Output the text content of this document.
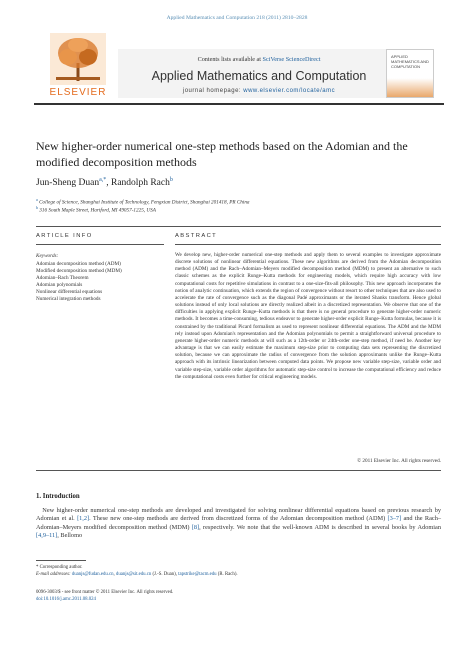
Applied Mathematics and Computation 218 (2011) 2810–2828
ELSEVIER
Contents lists available at SciVerse ScienceDirect
Applied Mathematics and Computation
journal homepage: www.elsevier.com/locate/amc
APPLIED MATHEMATICS AND COMPUTATION
New higher-order numerical one-step methods based on the Adomian and the modified decomposition methods
Jun-Sheng Duan$^{a,*}$, Randolph Rach$^b$
$^a$ College of Science, Shanghai Institute of Technology, Fengxian District, Shanghai 201418, PR China
$^b$ 316 South Maple Street, Hartford, MI 49057-1225, USA
ARTICLE INFO
Keywords:
Adomian decomposition method (ADM)
Modified decomposition method (MDM)
Adomian–Rach Theorem
Adomian polynomials
Nonlinear differential equations
Numerical integration methods
ABSTRACT
We develop new, higher-order numerical one-step methods and apply them to several examples to investigate approximate discrete solutions of nonlinear differential equations. These new algorithms are derived from the Adomian decomposition method (ADM) and the Rach–Adomian–Meyers modified decomposition method (MDM) to present an alternative to such classic schemes as the explicit Runge–Kutta methods for engineering models, which require high accuracy with low computational costs for repetitive simulations in contrast to a one-size-fits-all philosophy. This new approach incorporates the notion of analytic continuation, which extends the region of convergence without resort to other techniques that are also used to accelerate the rate of convergence such as the diagonal Padé approximants or the iterated Shanks transform. Hence global solutions instead of only local solutions are directly realized albeit in a discretized representation. We observe that one of the difficulties in applying explicit Runge–Kutta methods is that there is no general procedure to generate higher-order numeric methods. It becomes a time-consuming, tedious endeavor to generate higher-order explicit Runge–Kutta formulas, because it is constrained by the traditional Picard formalism as used to represent nonlinear differential equations. The ADM and the MDM rely instead upon Adomian's representation and the Adomian polynomials to permit a straightforward universal procedure to generate higher-order numeric methods at will such as a 12th-order or 24th-order one-step method, if need be. Another key advantage is that we can easily estimate the maximum step-size prior to computing data sets representing the discretized solution, because we can approximate the radius of convergence from the solution approximants unlike the Runge–Kutta approach with its intrinsic linearization between computed data points. We propose new variable step-size, variable order and variable step-size, variable order algorithms for automatic step-size control to increase the computational efficiency and reduce the computational costs even further for critical engineering models.
© 2011 Elsevier Inc. All rights reserved.
1. Introduction
 New higher-order numerical one-step methods are developed and investigated for solving nonlinear differential equations based on previous research by Adomian et al. [1,2]. These new one-step methods are derived from discretized forms of the Adomian decomposition method (ADM) [3–7] and the Rach–Adomian–Meyers modified decomposition method (MDM) [8], respectively. We note that the well-known ADM is described in several books by Adomian [4,9–11], Bellomo
* Corresponding author.
E-mail addresses: duanjs@fudan.edu.cn, duanjs@sit.edu.cn (J.-S. Duan), tapstrike@tacm.edu (R. Rach).
0096-3003/$ - see front matter © 2011 Elsevier Inc. All rights reserved.
doi:10.1016/j.amc.2011.08.024
